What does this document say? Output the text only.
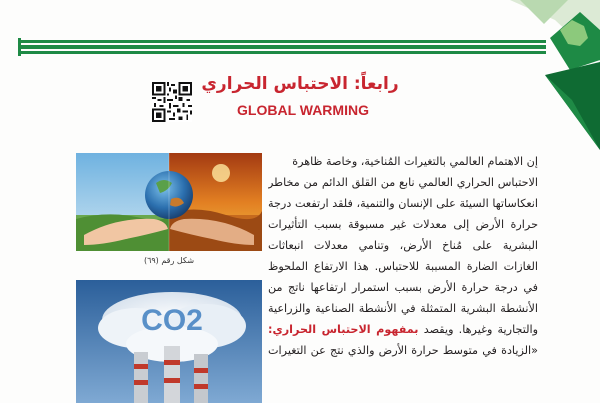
رابعاً: الاحتباس الحراري
GLOBAL WARMING
شكل رقم (٦٩)
CO2
إن الاهتمام العالمي بالتغيرات المُناخية، وخاصة ظاهرة
الاحتباس الحراري العالمي نابع من القلق الدائم من مخاطر
انعكاساتها السيئة على الإنسان والتنمية، فلقد ارتفعت درجة
حرارة الأرض إلى معدلات غير مسبوقة بسبب التأثيرات
البشرية على مُناخ الأرض، وتنامي معدلات انبعاثات
الغازات الضارة المسببة للاحتباس. هذا الارتفاع الملحوظ
في درجة حرارة الأرض بسبب استمرار ارتفاعها ناتج من
الأنشطة البشرية المتمثلة في الأنشطة الصناعية والزراعية
والتجارية وغيرها. ويقصد بمفهوم الاحتباس الحراري:
«الزيادة في متوسط حرارة الأرض والذي نتج عن التغيرات
